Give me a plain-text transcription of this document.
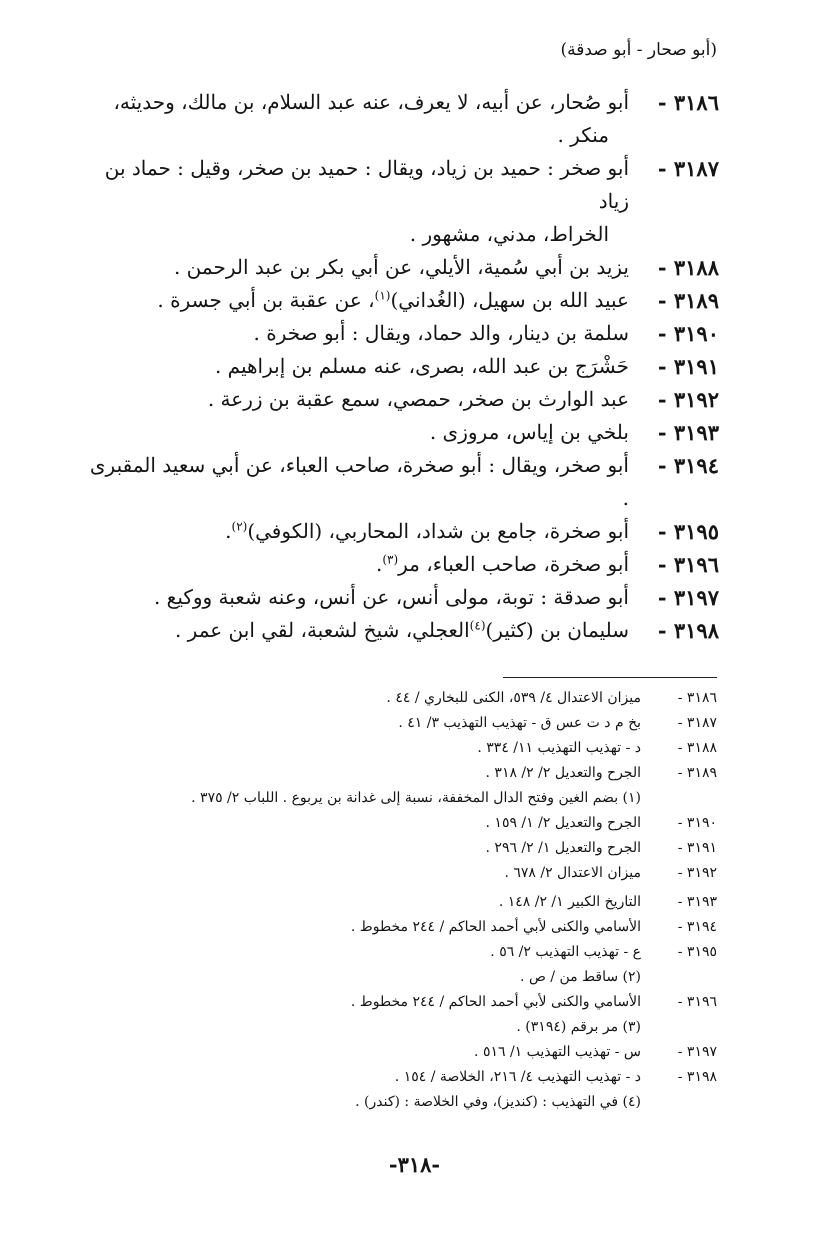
(أبو صحار - أبو صدقة)
٣١٨٦ -
أبو صُحار، عن أبيه، لا يعرف، عنه عبد السلام، بن مالك، وحديثه،
منكر .
٣١٨٧ -
أبو صخر : حميد بن زياد، ويقال : حميد بن صخر، وقيل : حماد بن زياد
الخراط، مدني، مشهور .
٣١٨٨ -
يزيد بن أبي سُمية، الأيلي، عن أبي بكر بن عبد الرحمن .
٣١٨٩ -
عبيد الله بن سهيل، (الغُداني)$^{(١)}$، عن عقبة بن أبي جسرة .
٣١٩٠ -
سلمة بن دينار، والد حماد، ويقال : أبو صخرة .
٣١٩١ -
حَشْرَج بن عبد الله، بصرى، عنه مسلم بن إبراهيم .
٣١٩٢ -
عبد الوارث بن صخر، حمصي، سمع عقبة بن زرعة .
٣١٩٣ -
بلخي بن إياس، مروزى .
٣١٩٤ -
أبو صخر، ويقال : أبو صخرة، صاحب العباء، عن أبي سعيد المقبرى .
٣١٩٥ -
أبو صخرة، جامع بن شداد، المحاربي، (الكوفي)$^{(٢)}$.
٣١٩٦ -
أبو صخرة، صاحب العباء، مر$^{(٣)}$.
٣١٩٧ -
أبو صدقة : توبة، مولى أنس، عن أنس، وعنه شعبة ووكيع .
٣١٩٨ -
سليمان بن (كثير)$^{(٤)}$العجلي، شيخ لشعبة، لقي ابن عمر .
٣١٨٦ -
ميزان الاعتدال ٤/ ٥٣٩، الكنى للبخاري / ٤٤ .
٣١٨٧ -
بخ م د ت عس ق - تهذيب التهذيب ٣/ ٤١ .
٣١٨٨ -
د - تهذيب التهذيب ١١/ ٣٣٤ .
٣١٨٩ -
الجرح والتعديل ٢/ ٢/ ٣١٨ .
(١) بضم الغين وفتح الدال المخففة، نسبة إلى غدانة بن يربوع . اللباب ٢/ ٣٧٥ .
٣١٩٠ -
الجرح والتعديل ٢/ ١/ ١٥٩ .
٣١٩١ -
الجرح والتعديل ١/ ٢/ ٢٩٦ .
٣١٩٢ -
ميزان الاعتدال ٢/ ٦٧٨ .
٣١٩٣ -
التاريخ الكبير ١/ ٢/ ١٤٨ .
٣١٩٤ -
الأسامي والكنى لأبي أحمد الحاكم / ٢٤٤ مخطوط .
٣١٩٥ -
ع - تهذيب التهذيب ٢/ ٥٦ .
(٢) ساقط من / ص .
٣١٩٦ -
الأسامي والكنى لأبي أحمد الحاكم / ٢٤٤ مخطوط .
(٣) مر برقم (٣١٩٤) .
٣١٩٧ -
س - تهذيب التهذيب ١/ ٥١٦ .
٣١٩٨ -
د - تهذيب التهذيب ٤/ ٢١٦، الخلاصة / ١٥٤ .
(٤) في التهذيب : (كنديز)، وفي الخلاصة : (كندر) .
-٣١٨-
